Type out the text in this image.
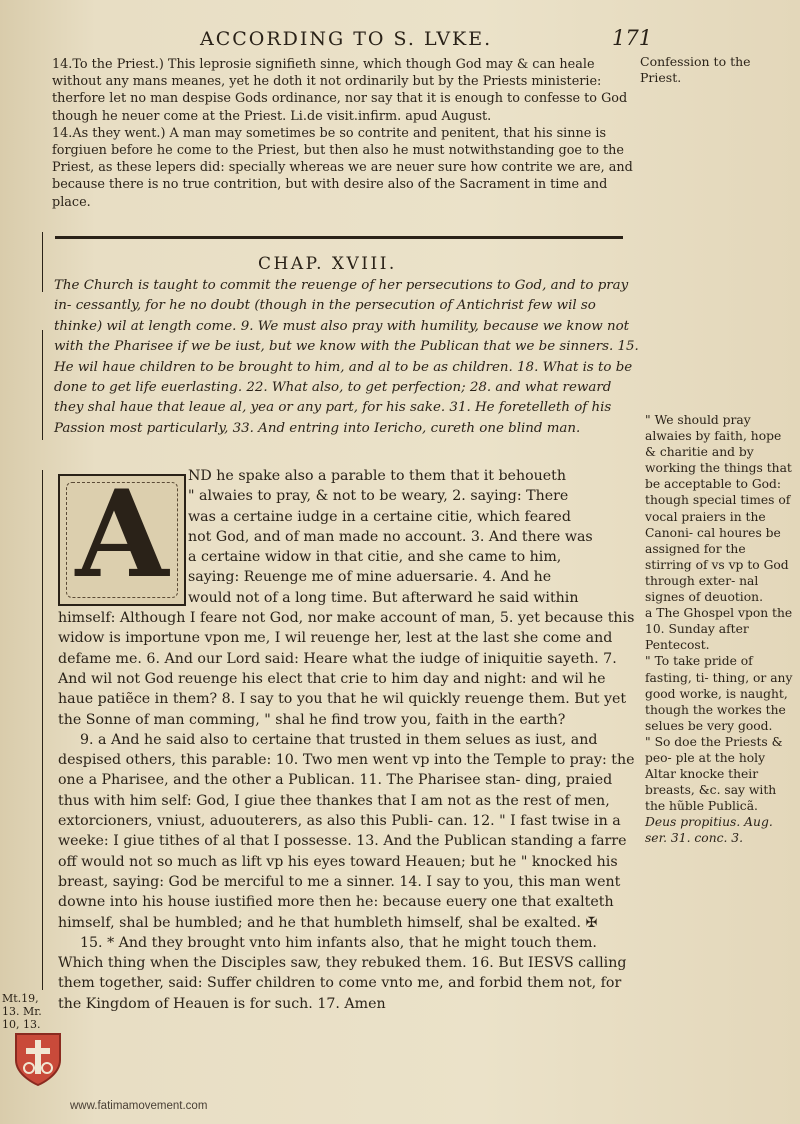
ACCORDING TO S. LVKE.	171

14.To the Priest.) This leprosie signifieth sinne, which though God may & can heale without any mans meanes, yet he doth it not ordinarily but by the Priests ministerie: therfore let no man despise Gods ordinance, nor say that it is enough to confesse to God though he neuer come at the Priest. Li.de visit.infirm. apud August.

14.As they went.) A man may sometimes be so contrite and penitent, that his sinne is forgiuen before he come to the Priest, but then also he must notwithstanding goe to the Priest, as these lepers did: specially whereas we are neuer sure how contrite we are, and because there is no true contrition, but with desire also of the Sacrament in time and place.

Confession to the Priest.
CHAP. XVIII.
The Church is taught to commit the reuenge of her persecutions to God, and to pray in- cessantly, for he no doubt (though in the persecution of Antichrist few wil so thinke) wil at length come. 9. We must also pray with humility, because we know not with the Pharisee if we be iust, but we know with the Publican that we be sinners. 15. He wil haue children to be brought to him, and al to be as children. 18. What is to be done to get life euerlasting. 22. What also, to get perfection; 28. and what reward they shal haue that leaue al, yea or any part, for his sake. 31. He foretelleth of his Passion most particularly, 33. And entring into Iericho, cureth one blind man.
A	ND he spake also a parable to them that it behoueth

" alwaies to pray, & not to be weary, 2. saying: There

was a certaine iudge in a certaine citie, which feared

not God, and of man made no account. 3. And there was

a certaine widow in that citie, and she came to him,

saying: Reuenge me of mine aduersarie. 4. And he

would not of a long time. But afterward he said within

himself: Although I feare not God, nor make account of man, 5. yet because this widow is importune vpon me, I wil reuenge her, lest at the last she come and defame me. 6. And our Lord said: Heare what the iudge of iniquitie sayeth. 7. And wil not God reuenge his elect that crie to him day and night: and wil he haue patiẽce in them? 8. I say to you that he wil quickly reuenge them. But yet the Sonne of man comming, " shal he find trow you, faith in the earth?

9. a And he said also to certaine that trusted in them selues as iust, and despised others, this parable: 10. Two men went vp into the Temple to pray: the one a Pharisee, and the other a Publican. 11. The Pharisee stan- ding, praied thus with him self: God, I giue thee thankes that I am not as the rest of men, extorcioners, vniust, aduouterers, as also this Publi- can. 12. " I fast twise in a weeke: I giue tithes of al that I possesse. 13. And the Publican standing a farre off would not so much as lift vp his eyes toward Heauen; but he " knocked his breast, saying: God be merciful to me a sinner. 14. I say to you, this man went downe into his house iustified more then he: because euery one that exalteth himself, shal be humbled; and he that humbleth himself, shal be exalted. ✠

15. * And they brought vnto him infants also, that he might touch them. Which thing when the Disciples saw, they rebuked them. 16. But IESVS calling them together, said: Suffer children to come vnto me, and forbid them not, for the Kingdom of Heauen is for such. 17. Amen

" We should pray alwaies by faith, hope & charitie and by working the things that be acceptable to God: though special times of vocal praiers in the Canoni- cal houres be assigned for the stirring of vs vp to God through exter- nal signes of deuotion.

a The Ghospel vpon the 10. Sunday after Pentecost.

" To take pride of fasting, ti- thing, or any good worke, is naught, though the workes the selues be very good.

" So doe the Priests & peo- ple at the holy Altar knocke their breasts, &c. say with the hũble Publicã.

Deus propitius. Aug. ser. 31. conc. 3.

Mt.19, 13. Mr. 10, 13.
www.fatimamovement.com
